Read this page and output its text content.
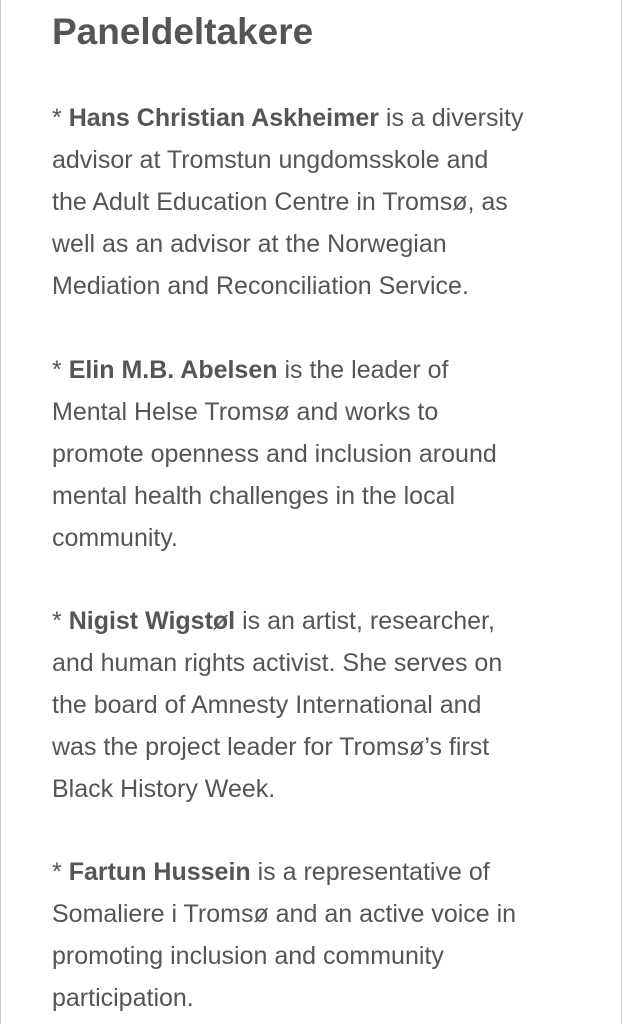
Paneldeltakere

* Hans Christian Askheimer is a diversity
advisor at Tromstun ungdomsskole and
the Adult Education Centre in Tromsø, as
well as an advisor at the Norwegian
Mediation and Reconciliation Service.

* Elin M.B. Abelsen is the leader of
Mental Helse Tromsø and works to
promote openness and inclusion around
mental health challenges in the local
community.

* Nigist Wigstøl is an artist, researcher,
and human rights activist. She serves on
the board of Amnesty International and
was the project leader for Tromsø’s first
Black History Week.

* Fartun Hussein is a representative of
Somaliere i Tromsø and an active voice in
promoting inclusion and community
participation.
